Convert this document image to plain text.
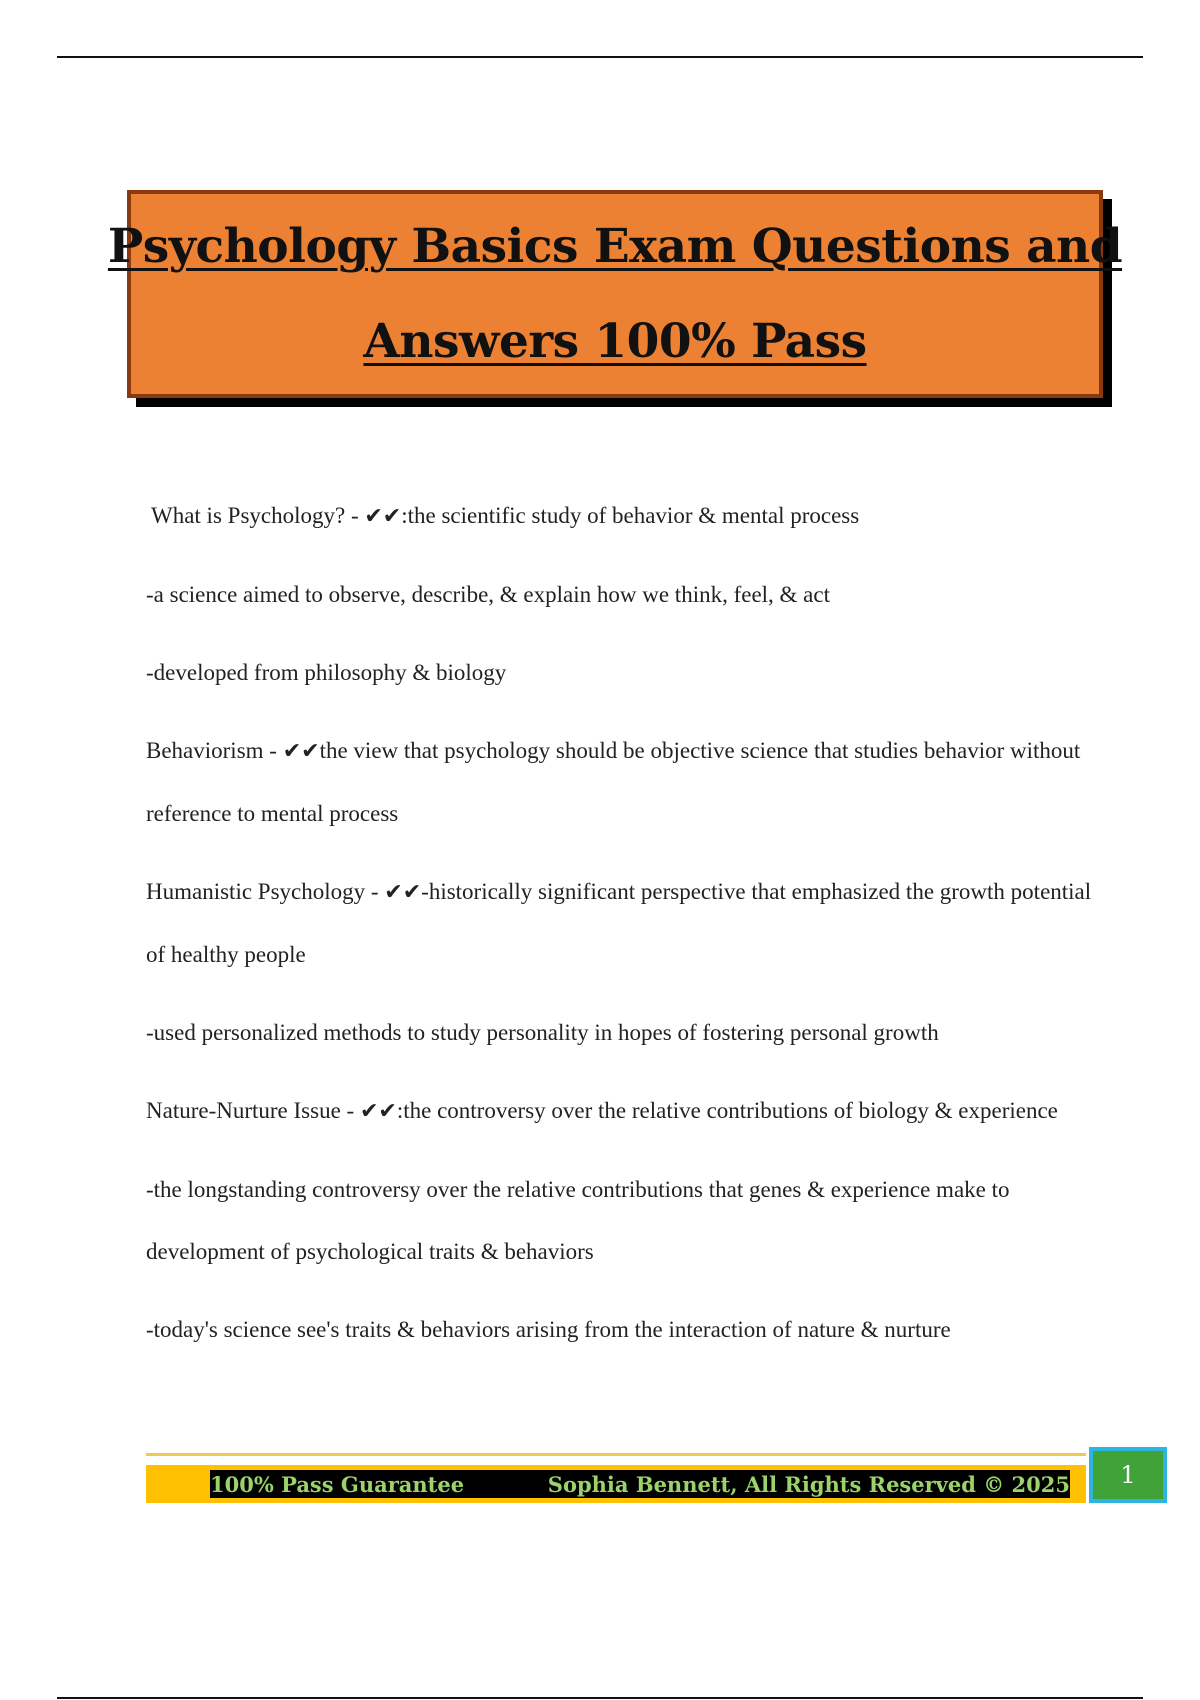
Psychology Basics Exam Questions and
Answers 100% Pass

What is Psychology? - ✔✔:the scientific study of behavior & mental process

-a science aimed to observe, describe, & explain how we think, feel, & act

-developed from philosophy & biology

Behaviorism - ✔✔the view that psychology should be objective science that studies behavior without reference to mental process

Humanistic Psychology - ✔✔-historically significant perspective that emphasized the growth potential of healthy people

-used personalized methods to study personality in hopes of fostering personal growth

Nature-Nurture Issue - ✔✔:the controversy over the relative contributions of biology & experience

-the longstanding controversy over the relative contributions that genes & experience make to development of psychological traits & behaviors

-today's science see's traits & behaviors arising from the interaction of nature & nurture

100% Pass Guarantee	Sophia Bennett, All Rights Reserved © 2025 1
